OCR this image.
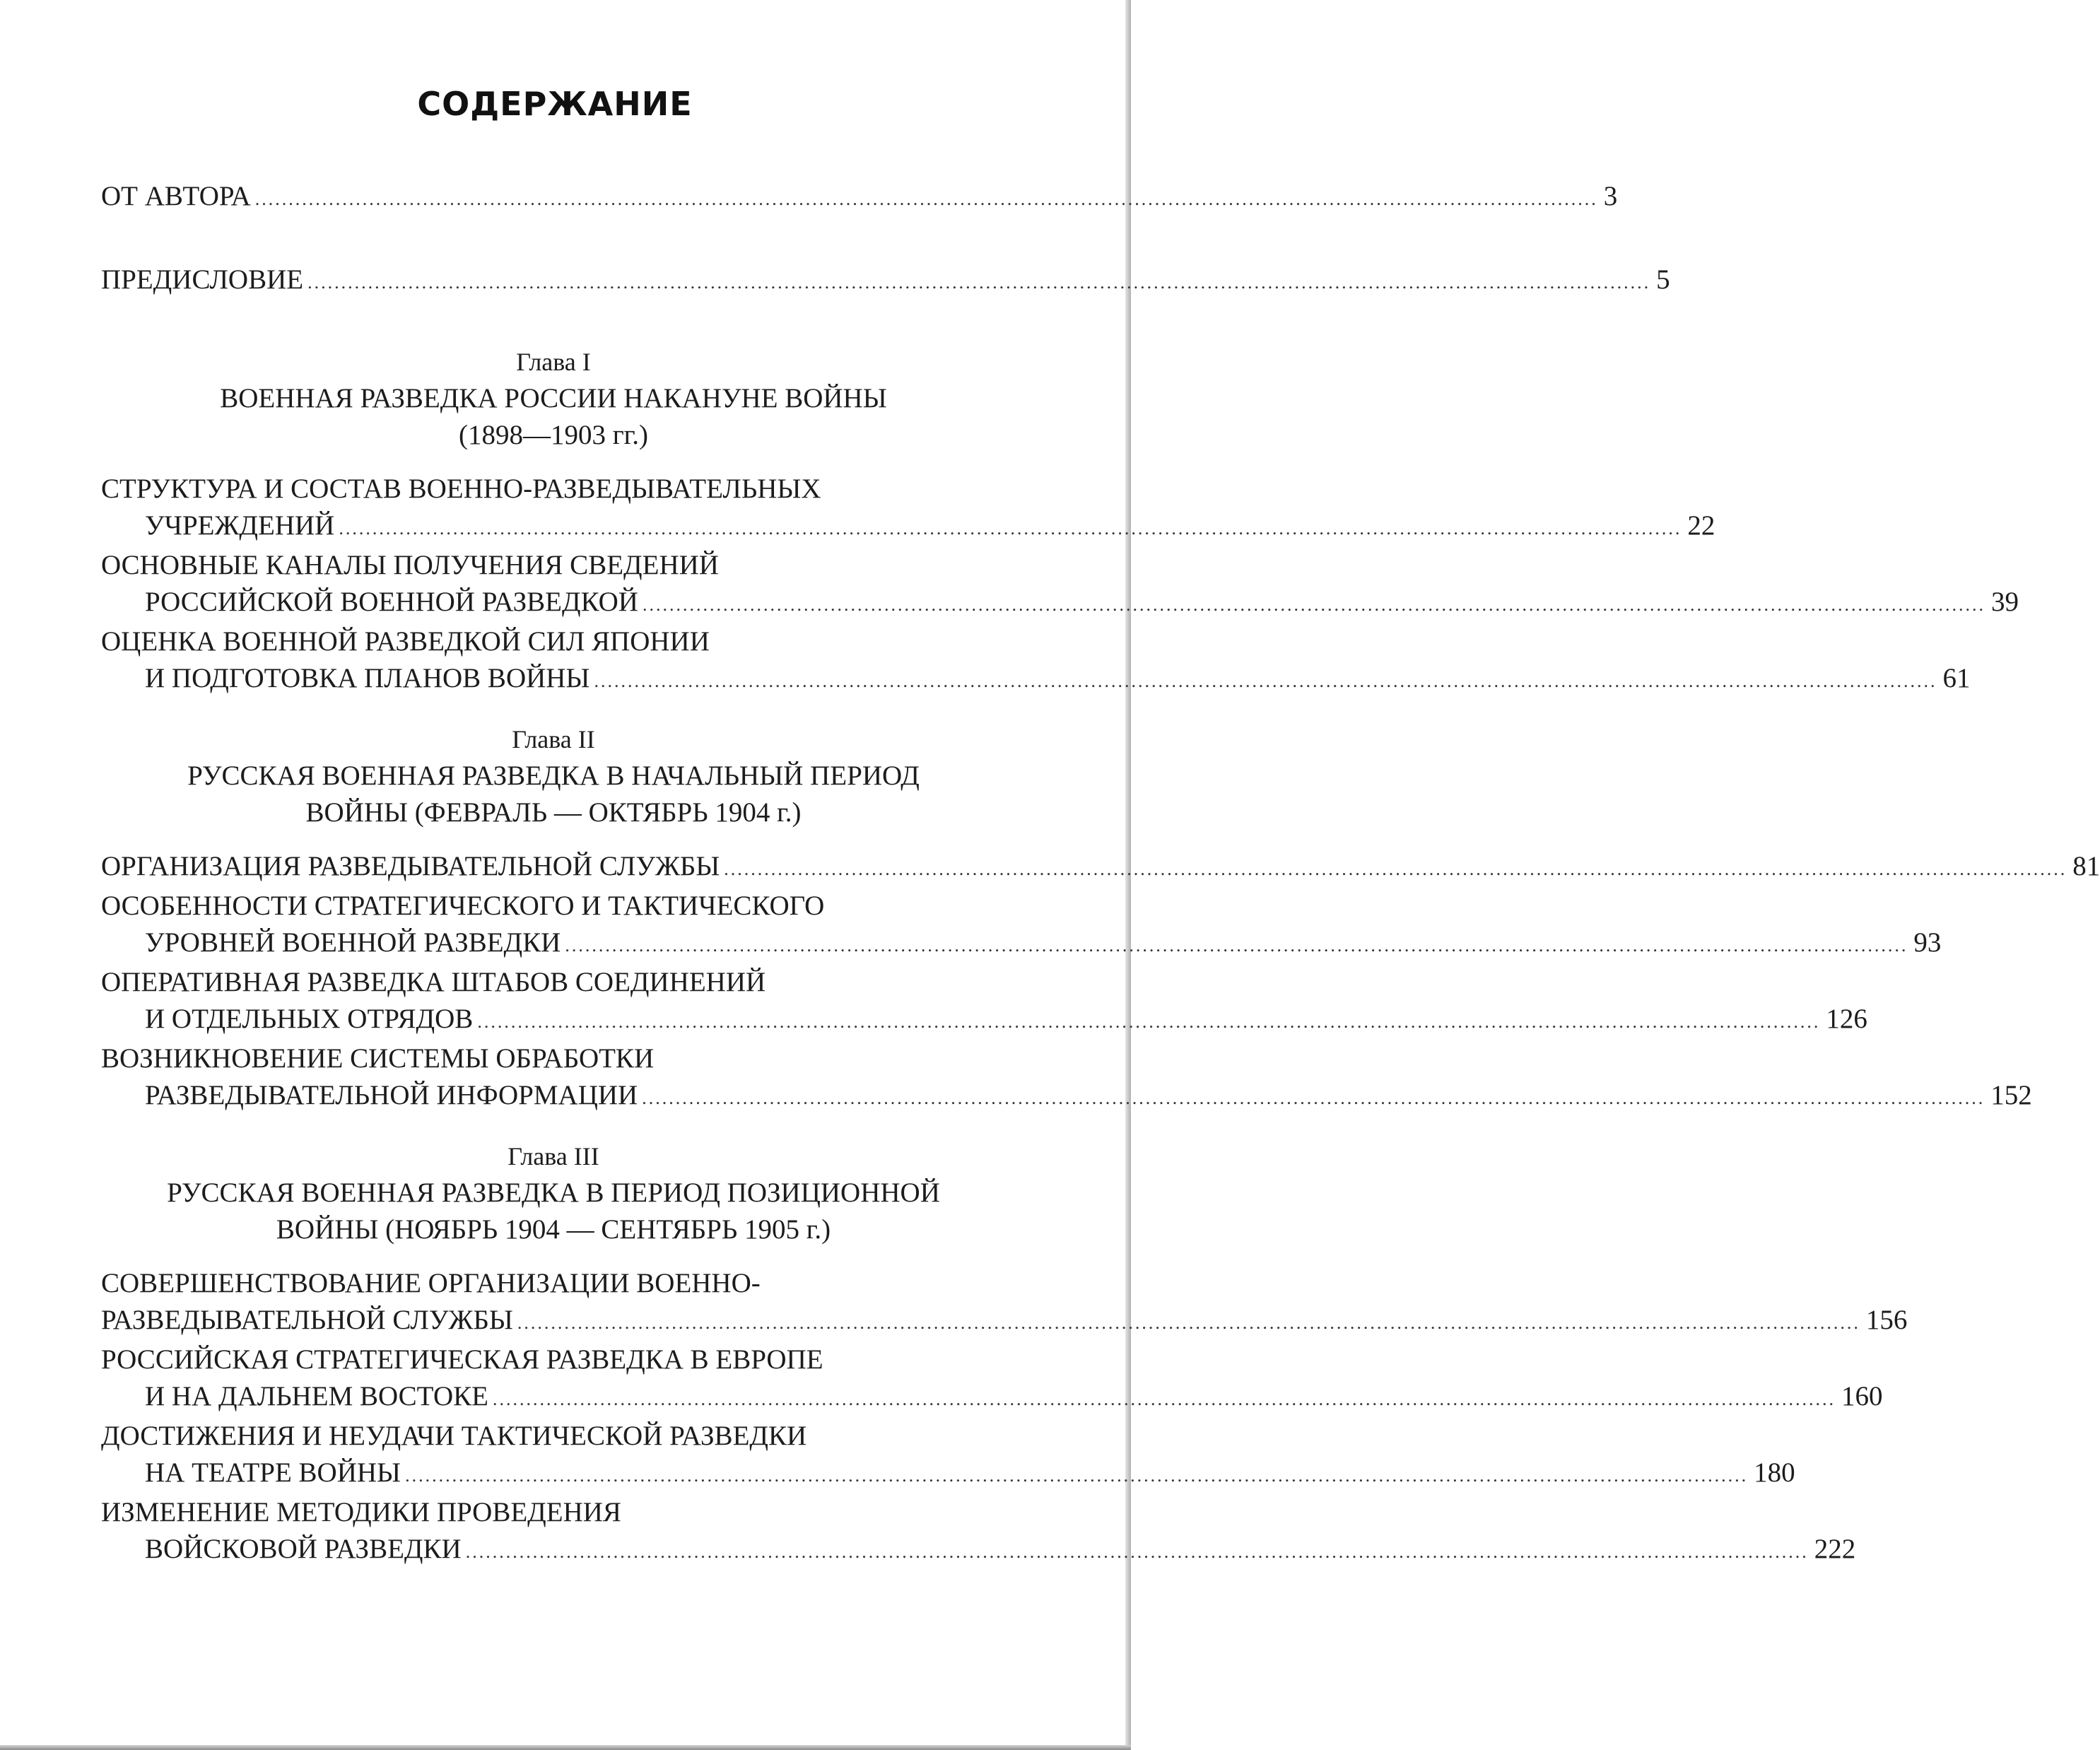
СОДЕРЖАНИЕ
ОТ АВТОРА ........................................................................................................................................................................................................ 3
ПРЕДИСЛОВИЕ ........................................................................................................................................................................................................ 5
Глава I
ВОЕННАЯ РАЗВЕДКА РОССИИ НАКАНУНЕ ВОЙНЫ
(1898—1903 гг.)
СТРУКТУРА И СОСТАВ ВОЕННО-РАЗВЕДЫВАТЕЛЬНЫХ
УЧРЕЖДЕНИЙ ........................................................................................................................................................................................................ 22
ОСНОВНЫЕ КАНАЛЫ ПОЛУЧЕНИЯ СВЕДЕНИЙ
РОССИЙСКОЙ ВОЕННОЙ РАЗВЕДКОЙ ........................................................................................................................................................................................................ 39
ОЦЕНКА ВОЕННОЙ РАЗВЕДКОЙ СИЛ ЯПОНИИ
И ПОДГОТОВКА ПЛАНОВ ВОЙНЫ ........................................................................................................................................................................................................ 61
Глава II
РУССКАЯ ВОЕННАЯ РАЗВЕДКА В НАЧАЛЬНЫЙ ПЕРИОД
ВОЙНЫ (ФЕВРАЛЬ — ОКТЯБРЬ 1904 г.)
ОРГАНИЗАЦИЯ РАЗВЕДЫВАТЕЛЬНОЙ СЛУЖБЫ ........................................................................................................................................................................................................ 81
ОСОБЕННОСТИ СТРАТЕГИЧЕСКОГО И ТАКТИЧЕСКОГО
УРОВНЕЙ ВОЕННОЙ РАЗВЕДКИ ........................................................................................................................................................................................................ 93
ОПЕРАТИВНАЯ РАЗВЕДКА ШТАБОВ СОЕДИНЕНИЙ
И ОТДЕЛЬНЫХ ОТРЯДОВ ........................................................................................................................................................................................................ 126
ВОЗНИКНОВЕНИЕ СИСТЕМЫ ОБРАБОТКИ
РАЗВЕДЫВАТЕЛЬНОЙ ИНФОРМАЦИИ ........................................................................................................................................................................................................ 152
Глава III
РУССКАЯ ВОЕННАЯ РАЗВЕДКА В ПЕРИОД ПОЗИЦИОННОЙ
ВОЙНЫ (НОЯБРЬ 1904 — СЕНТЯБРЬ 1905 г.)
СОВЕРШЕНСТВОВАНИЕ ОРГАНИЗАЦИИ ВОЕННО-
РАЗВЕДЫВАТЕЛЬНОЙ СЛУЖБЫ ........................................................................................................................................................................................................ 156
РОССИЙСКАЯ СТРАТЕГИЧЕСКАЯ РАЗВЕДКА В ЕВРОПЕ
И НА ДАЛЬНЕМ ВОСТОКЕ ........................................................................................................................................................................................................ 160
ДОСТИЖЕНИЯ И НЕУДАЧИ ТАКТИЧЕСКОЙ РАЗВЕДКИ
НА ТЕАТРЕ ВОЙНЫ ........................................................................................................................................................................................................ 180
ИЗМЕНЕНИЕ МЕТОДИКИ ПРОВЕДЕНИЯ
ВОЙСКОВОЙ РАЗВЕДКИ ........................................................................................................................................................................................................ 222
